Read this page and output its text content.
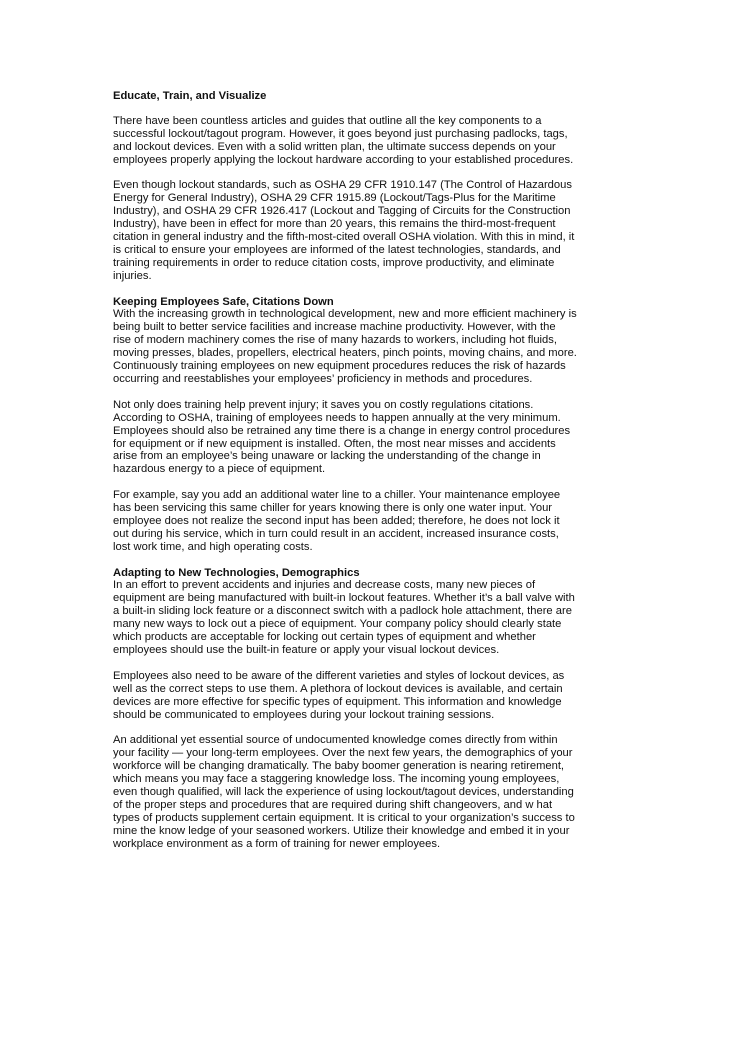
Educate, Train, and Visualize
There have been countless articles and guides that outline all the key components to a
successful lockout/tagout program. However, it goes beyond just purchasing padlocks, tags,
and lockout devices. Even with a solid written plan, the ultimate success depends on your
employees properly applying the lockout hardware according to your established procedures.
Even though lockout standards, such as OSHA 29 CFR 1910.147 (The Control of Hazardous
Energy for General Industry), OSHA 29 CFR 1915.89 (Lockout/Tags-Plus for the Maritime
Industry), and OSHA 29 CFR 1926.417 (Lockout and Tagging of Circuits for the Construction
Industry), have been in effect for more than 20 years, this remains the third-most-frequent
citation in general industry and the fifth-most-cited overall OSHA violation. With this in mind, it
is critical to ensure your employees are informed of the latest technologies, standards, and
training requirements in order to reduce citation costs, improve productivity, and eliminate
injuries.
Keeping Employees Safe, Citations Down
With the increasing growth in technological development, new and more efficient machinery is
being built to better service facilities and increase machine productivity. However, with the
rise of modern machinery comes the rise of many hazards to workers, including hot fluids,
moving presses, blades, propellers, electrical heaters, pinch points, moving chains, and more.
Continuously training employees on new equipment procedures reduces the risk of hazards
occurring and reestablishes your employees’ proficiency in methods and procedures.
Not only does training help prevent injury; it saves you on costly regulations citations.
According to OSHA, training of employees needs to happen annually at the very minimum.
Employees should also be retrained any time there is a change in energy control procedures
for equipment or if new equipment is installed. Often, the most near misses and accidents
arise from an employee’s being unaware or lacking the understanding of the change in
hazardous energy to a piece of equipment.
For example, say you add an additional water line to a chiller. Your maintenance employee
has been servicing this same chiller for years knowing there is only one water input. Your
employee does not realize the second input has been added; therefore, he does not lock it
out during his service, which in turn could result in an accident, increased insurance costs,
lost work time, and high operating costs.
Adapting to New Technologies, Demographics
In an effort to prevent accidents and injuries and decrease costs, many new pieces of
equipment are being manufactured with built-in lockout features. Whether it’s a ball valve with
a built-in sliding lock feature or a disconnect switch with a padlock hole attachment, there are
many new ways to lock out a piece of equipment. Your company policy should clearly state
which products are acceptable for locking out certain types of equipment and whether
employees should use the built-in feature or apply your visual lockout devices.
Employees also need to be aware of the different varieties and styles of lockout devices, as
well as the correct steps to use them. A plethora of lockout devices is available, and certain
devices are more effective for specific types of equipment. This information and knowledge
should be communicated to employees during your lockout training sessions.
An additional yet essential source of undocumented knowledge comes directly from within
your facility — your long-term employees. Over the next few years, the demographics of your
workforce will be changing dramatically. The baby boomer generation is nearing retirement,
which means you may face a staggering knowledge loss. The incoming young employees,
even though qualified, will lack the experience of using lockout/tagout devices, understanding
of the proper steps and procedures that are required during shift changeovers, and w hat
types of products supplement certain equipment. It is critical to your organization’s success to
mine the know ledge of your seasoned workers. Utilize their knowledge and embed it in your
workplace environment as a form of training for newer employees.
